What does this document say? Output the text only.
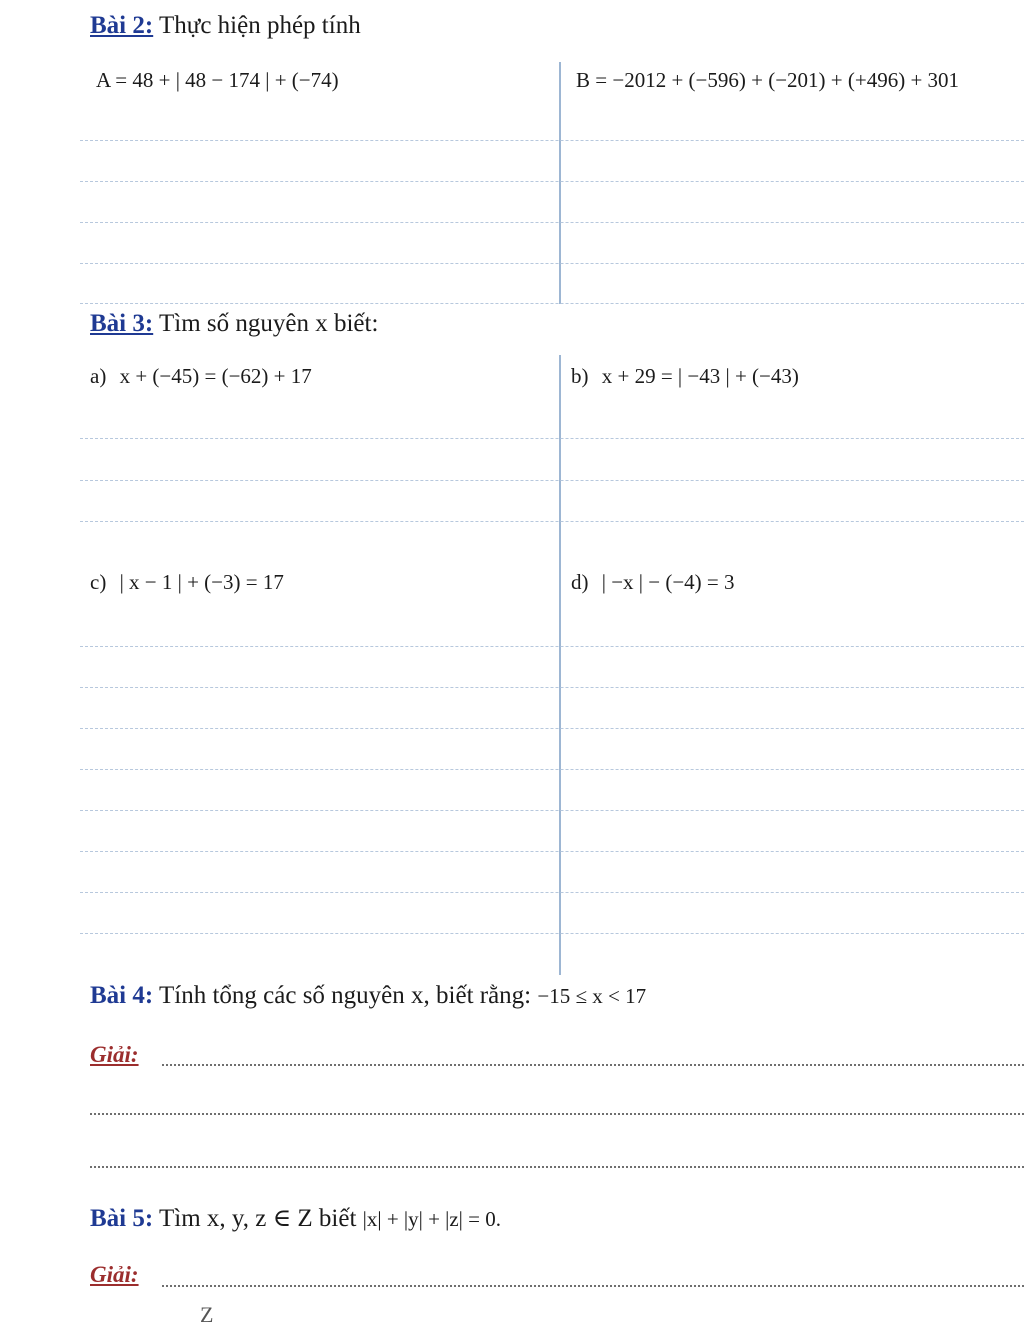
Bài 2: Thực hiện phép tính
A = 48 + | 48 − 174 | + (−74)	B = −2012 + (−596) + (−201) + (+496) + 301
Bài 3: Tìm số nguyên x biết:
a) x + (−45) = (−62) + 17	b) x + 29 = | −43 | + (−43)
c) | x − 1 | + (−3) = 17	d) | −x | − (−4) = 3
Bài 4: Tính tổng các số nguyên x, biết rằng: −15 ≤ x < 17
Giải:
Bài 5: Tìm x, y, z ∈ Z biết |x| + |y| + |z| = 0.
Giải:
Z
